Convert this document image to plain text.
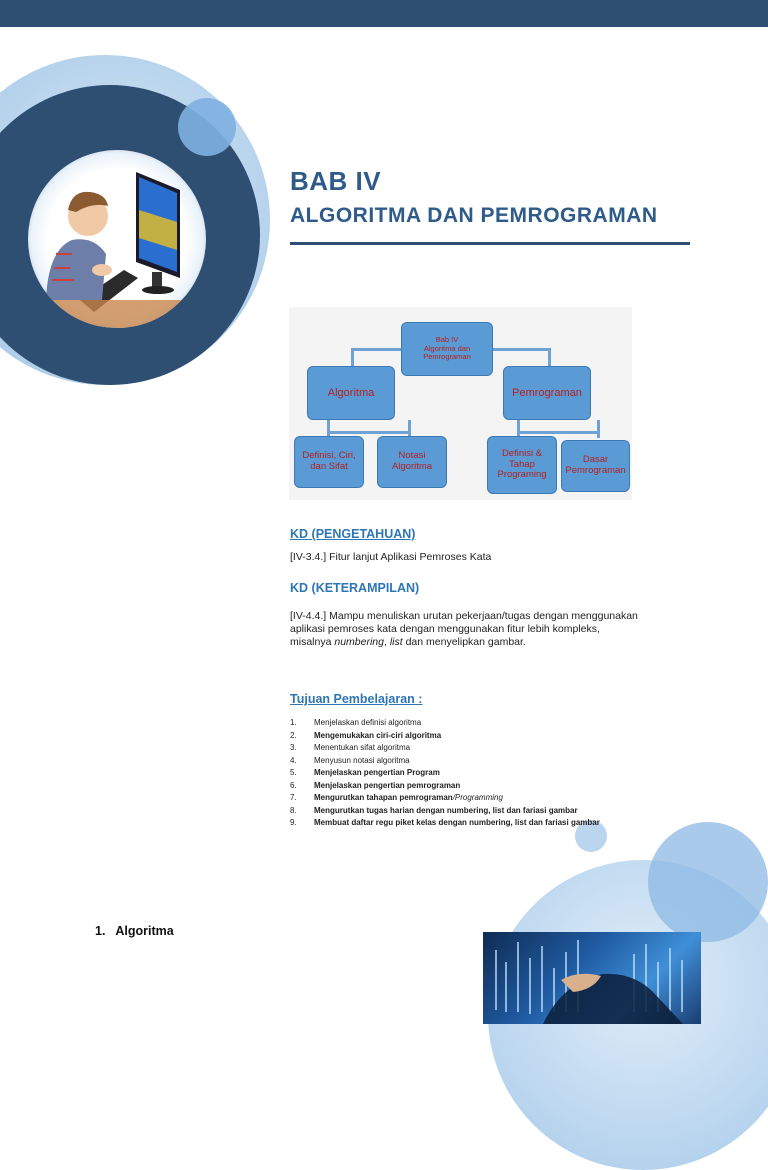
BAB IV
ALGORITMA DAN PEMROGRAMAN
Bab IV
Algoritma dan
Pemrograman
Algoritma	Pemrograman
Definisi, Ciri,
dan Sifat
Notasi
Algoritma
Definisi &
Tahap
Programing
Dasar
Pemrograman
KD (PENGETAHUAN)
[IV-3.4.] Fitur lanjut Aplikasi Pemroses Kata
KD (KETERAMPILAN)
[IV-4.4.] Mampu menuliskan urutan pekerjaan/tugas dengan menggunakan
aplikasi pemroses kata dengan menggunakan fitur lebih kompleks,
misalnya numbering, list dan menyelipkan gambar.
Tujuan Pembelajaran :
1.	Menjelaskan definisi algoritma
2.	Mengemukakan ciri-ciri algoritma
3.	Menentukan sifat algoritma
4.	Menyusun notasi algoritma
5.	Menjelaskan pengertian Program
6.	Menjelaskan pengertian pemrograman
7.	Mengurutkan tahapan pemrograman /Programming
8.	Mengurutkan tugas harian dengan numbering, list dan fariasi gambar
9.	Membuat daftar regu piket kelas dengan numbering, list dan fariasi gambar
1.   Algoritma
